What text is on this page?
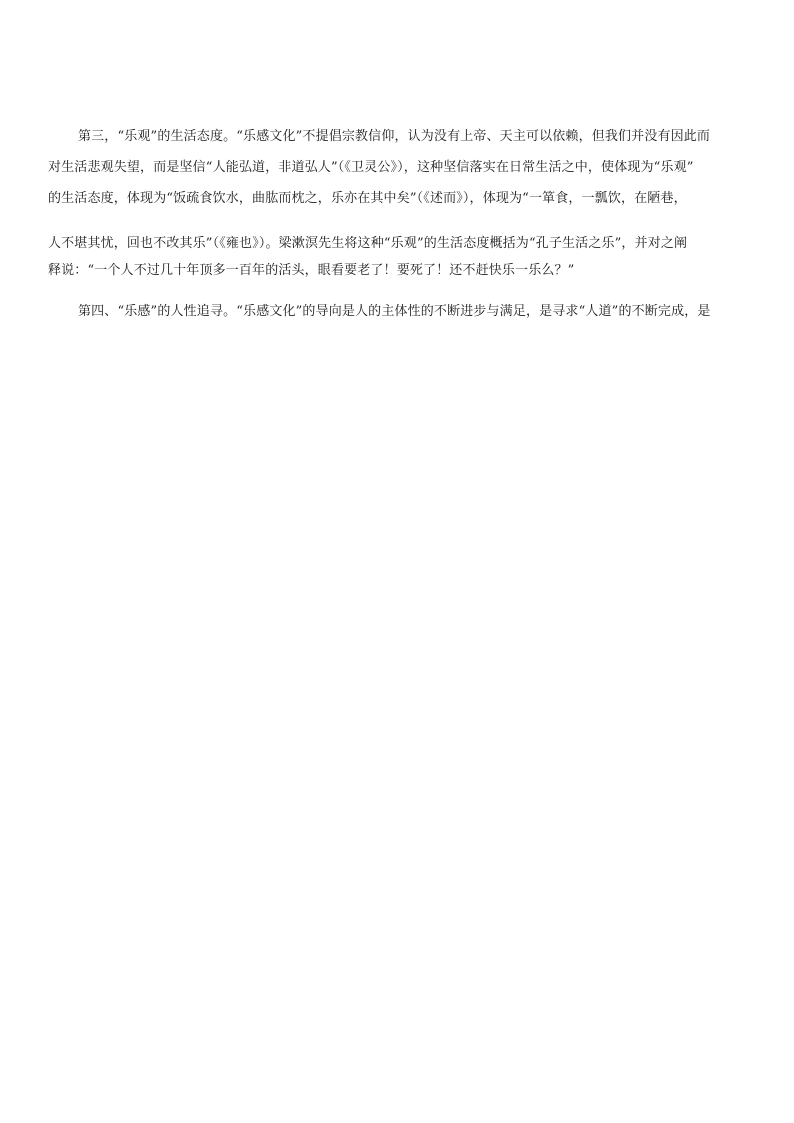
第三，“乐观”的生活态度。“乐感文化”不提倡宗教信仰，认为没有上帝、天主可以依赖，但我们并没有因此而
对生活悲观失望，而是坚信“人能弘道，非道弘人”（《卫灵公》），这种坚信落实在日常生活之中，使体现为“乐观”
的生活态度，体现为“饭疏食饮水，曲肱而枕之，乐亦在其中矣”（《述而》），体现为“一箪食，一瓢饮，在陋巷，
人不堪其忧，回也不改其乐”（《雍也》）。梁漱溟先生将这种“乐观”的生活态度概括为“孔子生活之乐”，并对之阐
释说：“一个人不过几十年顶多一百年的活头，眼看要老了！要死了！还不赶快乐一乐么？”
第四、“乐感”的人性追寻。“乐感文化”的导向是人的主体性的不断进步与满足，是寻求“人道”的不断完成，是
